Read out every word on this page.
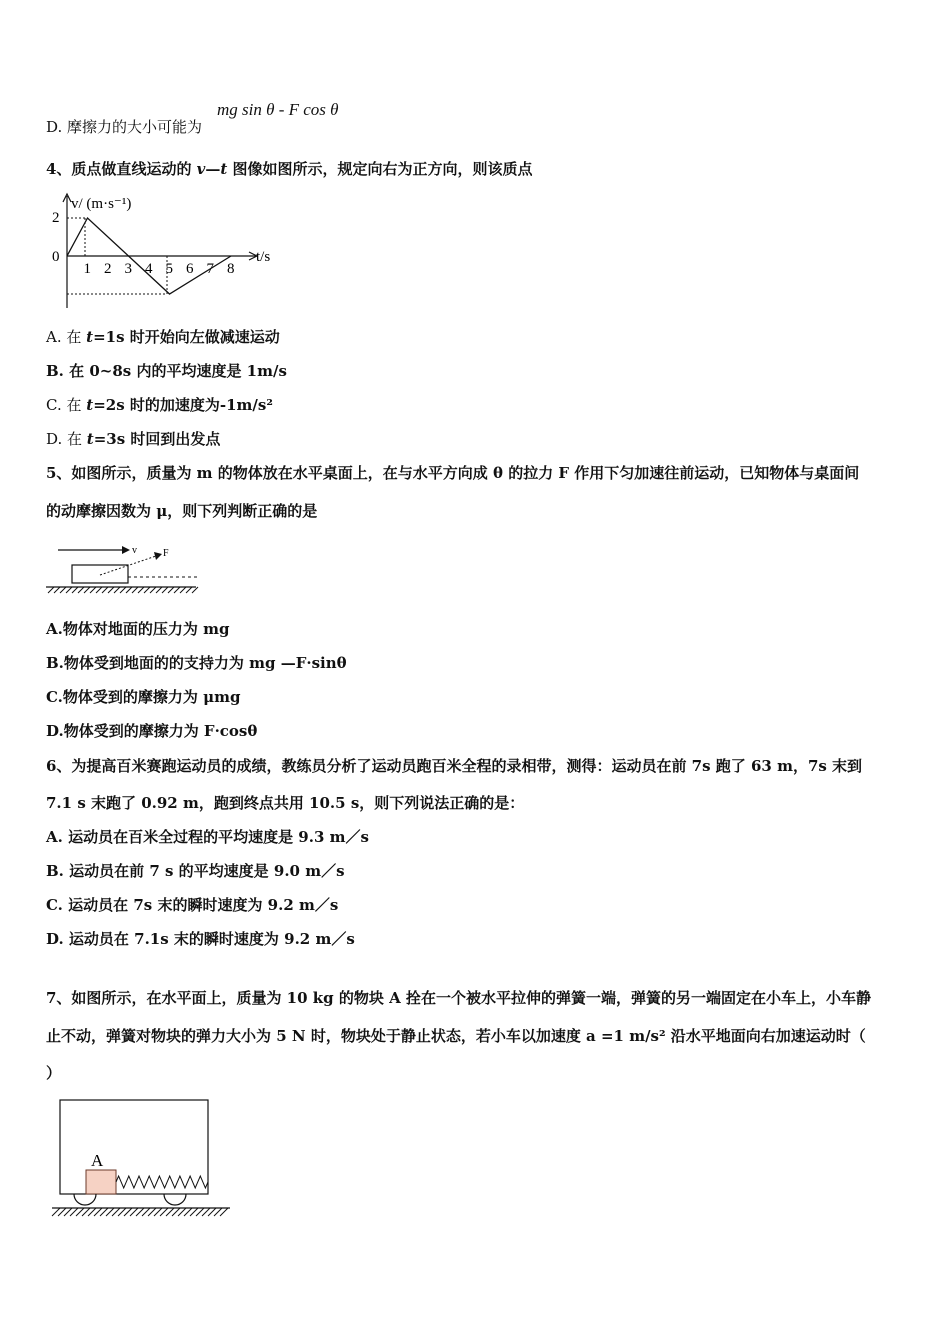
D. 摩擦力的大小可能为
mg sin θ - F cos θ
4、质点做直线运动的 v—t 图像如图所示，规定向右为正方向，则该质点
v/ (m·s⁻¹)
t/s
2
0
1 2 3 4 5 6 7 8
A. 在 t=1s 时开始向左做减速运动
B. 在 0~8s 内的平均速度是 1m/s
C. 在 t=2s 时的加速度为-1m/s²
D. 在 t=3s 时回到出发点
5、如图所示，质量为 m 的物体放在水平桌面上，在与水平方向成 θ 的拉力 F 作用下匀加速往前运动，已知物体与桌面间
的动摩擦因数为 μ，则下列判断正确的是
v	F
A.物体对地面的压力为 mg
B.物体受到地面的的支持力为 mg —F·sinθ
C.物体受到的摩擦力为 μmg
D.物体受到的摩擦力为 F·cosθ
6、为提高百米赛跑运动员的成绩，教练员分析了运动员跑百米全程的录相带，测得：运动员在前 7s 跑了 63 m，7s 末到
7.1 s 末跑了 0.92 m，跑到终点共用 10.5 s，则下列说法正确的是：
A. 运动员在百米全过程的平均速度是 9.3 m／s
B. 运动员在前 7 s 的平均速度是 9.0 m／s
C. 运动员在 7s 末的瞬时速度为 9.2 m／s
D. 运动员在 7.1s 末的瞬时速度为 9.2 m／s
7、如图所示，在水平面上，质量为 10 kg 的物块 A 拴在一个被水平拉伸的弹簧一端，弹簧的另一端固定在小车上，小车静
止不动，弹簧对物块的弹力大小为 5 N 时，物块处于静止状态，若小车以加速度 a =1 m/s² 沿水平地面向右加速运动时（
）
A
